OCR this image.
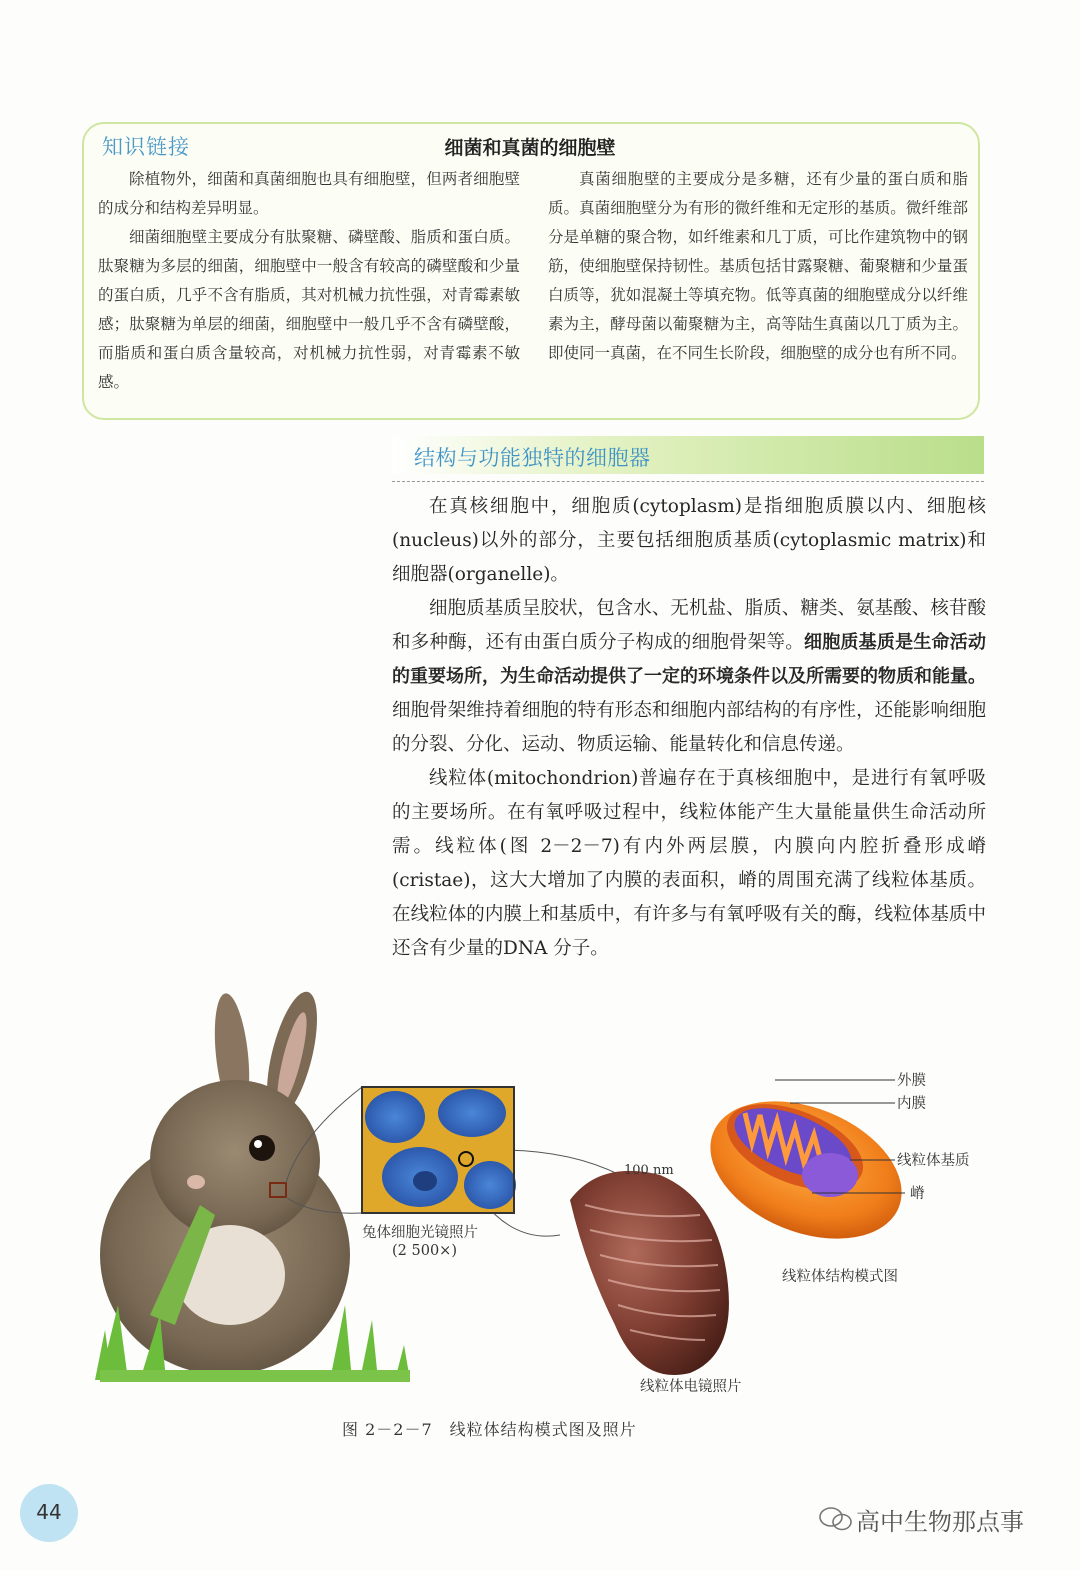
知识链接	细菌和真菌的细胞壁

除植物外，细菌和真菌细胞也具有细胞壁，但两者细胞壁的成分和结构差异明显。

细菌细胞壁主要成分有肽聚糖、磷壁酸、脂质和蛋白质。肽聚糖为多层的细菌，细胞壁中一般含有较高的磷壁酸和少量的蛋白质，几乎不含有脂质，其对机械力抗性强，对青霉素敏感；肽聚糖为单层的细菌，细胞壁中一般几乎不含有磷壁酸，而脂质和蛋白质含量较高，对机械力抗性弱，对青霉素不敏感。

真菌细胞壁的主要成分是多糖，还有少量的蛋白质和脂质。真菌细胞壁分为有形的微纤维和无定形的基质。微纤维部分是单糖的聚合物，如纤维素和几丁质，可比作建筑物中的钢筋，使细胞壁保持韧性。基质包括甘露聚糖、葡聚糖和少量蛋白质等，犹如混凝土等填充物。低等真菌的细胞壁成分以纤维素为主，酵母菌以葡聚糖为主，高等陆生真菌以几丁质为主。即使同一真菌，在不同生长阶段，细胞壁的成分也有所不同。

结构与功能独特的细胞器

在真核细胞中，细胞质(cytoplasm)是指细胞质膜以内、细胞核(nucleus)以外的部分，主要包括细胞质基质(cytoplasmic matrix)和细胞器(organelle)。

细胞质基质呈胶状，包含水、无机盐、脂质、糖类、氨基酸、核苷酸和多种酶，还有由蛋白质分子构成的细胞骨架等。细胞质基质是生命活动的重要场所，为生命活动提供了一定的环境条件以及所需要的物质和能量。细胞骨架维持着细胞的特有形态和细胞内部结构的有序性，还能影响细胞的分裂、分化、运动、物质运输、能量转化和信息传递。

线粒体(mitochondrion)普遍存在于真核细胞中，是进行有氧呼吸的主要场所。在有氧呼吸过程中，线粒体能产生大量能量供生命活动所需。线粒体(图 2－2－7)有内外两层膜，内膜向内腔折叠形成嵴(cristae)，这大大增加了内膜的表面积，嵴的周围充满了线粒体基质。在线粒体的内膜上和基质中，有许多与有氧呼吸有关的酶，线粒体基质中还含有少量的DNA 分子。

兔体细胞光镜照片
(2 500×)
100 nm
线粒体电镜照片
线粒体结构模式图
外膜
内膜
线粒体基质
嵴
图 2－2－7　线粒体结构模式图及照片
44	高中生物那点事
